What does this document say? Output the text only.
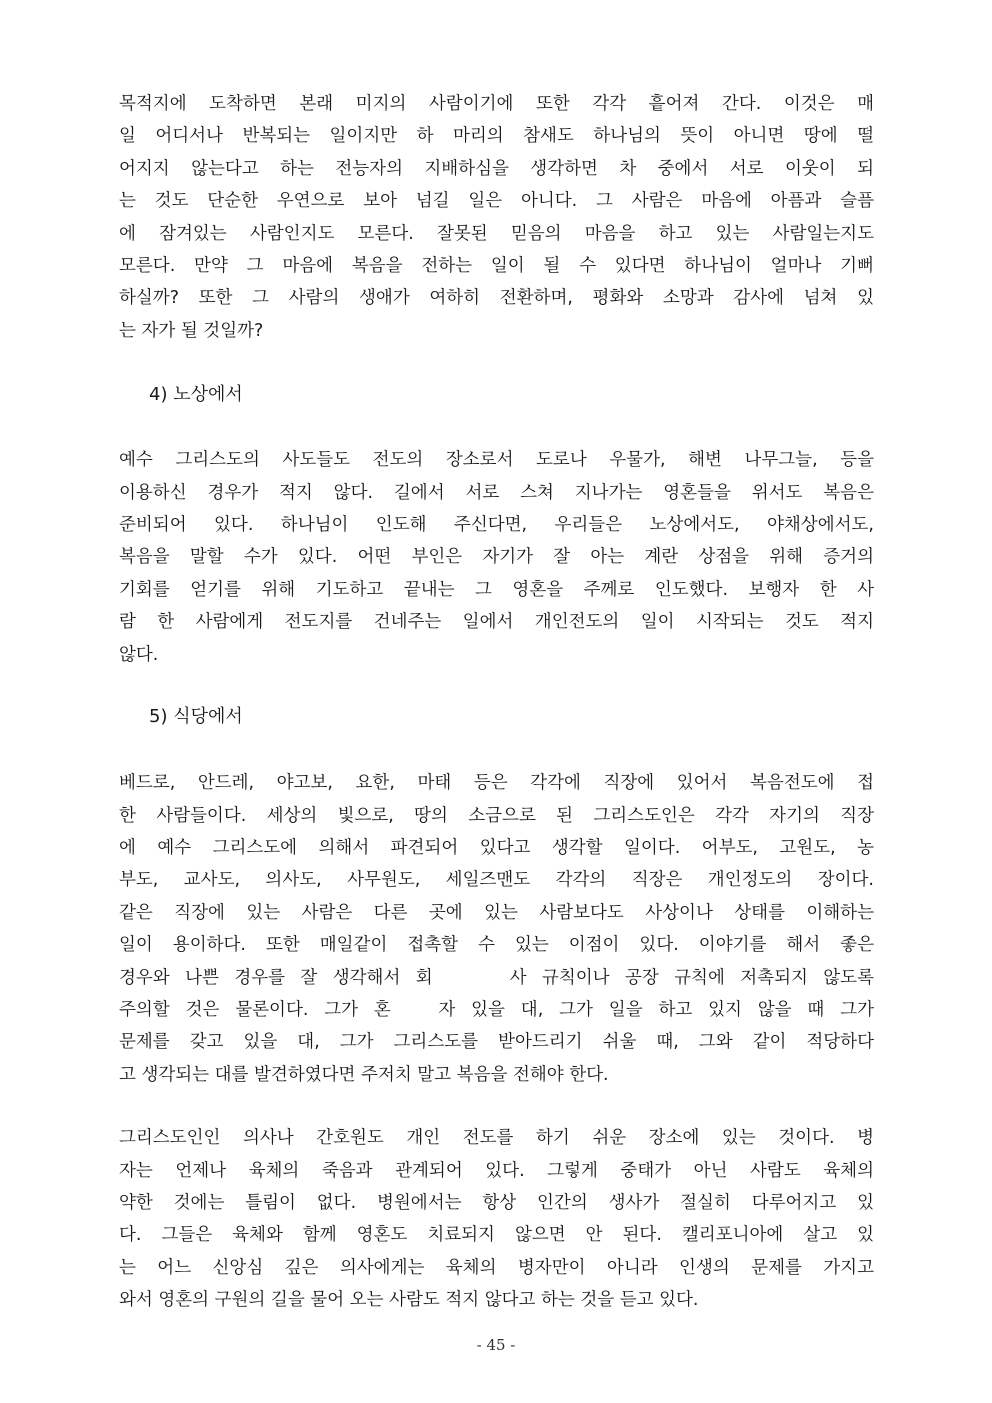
목적지에 도착하면 본래 미지의 사람이기에 또한 각각 흩어져 간다. 이것은 매
일 어디서나 반복되는 일이지만 하 마리의 참새도 하나님의 뜻이 아니면 땅에 떨
어지지 않는다고 하는 전능자의 지배하심을 생각하면 차 중에서 서로 이웃이 되
는 것도 단순한 우연으로 보아 넘길 일은 아니다. 그 사람은 마음에 아픔과 슬픔
에 잠겨있는 사람인지도 모른다. 잘못된 믿음의 마음을 하고 있는 사람일는지도
모른다. 만약 그 마음에 복음을 전하는 일이 될 수 있다면 하나님이 얼마나 기뻐
하실까? 또한 그 사람의 생애가 여하히 전환하며, 평화와 소망과 감사에 넘쳐 있
는 자가 될 것일까?
4) 노상에서
예수 그리스도의 사도들도 전도의 장소로서 도로나 우물가, 해변 나무그늘, 등을
이용하신 경우가 적지 않다. 길에서 서로 스쳐 지나가는 영혼들을 위서도 복음은
준비되어 있다. 하나님이 인도해 주신다면, 우리들은 노상에서도, 야채상에서도,
복음을 말할 수가 있다. 어떤 부인은 자기가 잘 아는 계란 상점을 위해 증거의
기회를 얻기를 위해 기도하고 끝내는 그 영혼을 주께로 인도했다. 보행자 한 사
람 한 사람에게 전도지를 건네주는 일에서 개인전도의 일이 시작되는 것도 적지
않다.
5) 식당에서
베드로, 안드레, 야고보, 요한, 마태 등은 각각에 직장에 있어서 복음전도에 접
한 사람들이다. 세상의 빛으로, 땅의 소금으로 된 그리스도인은 각각 자기의 직장
에 예수 그리스도에 의해서 파견되어 있다고 생각할 일이다. 어부도, 고원도, 농
부도, 교사도, 의사도, 사무원도, 세일즈맨도 각각의 직장은 개인정도의 장이다.
같은 직장에 있는 사람은 다른 곳에 있는 사람보다도 사상이나 상태를 이해하는
일이 용이하다. 또한 매일같이 접촉할 수 있는 이점이 있다. 이야기를 해서 좋은
경우와 나쁜 경우를 잘 생각해서 회     사 규칙이나 공장 규칙에 저촉되지 않도록
주의할 것은 물론이다. 그가 혼   자 있을 대, 그가 일을 하고 있지 않을 때 그가
문제를 갖고 있을 대, 그가 그리스도를 받아드리기 쉬울 때, 그와 같이 적당하다
고 생각되는 대를 발견하였다면 주저치 말고 복음을 전해야 한다.
그리스도인인 의사나 간호원도 개인 전도를 하기 쉬운 장소에 있는 것이다. 병
자는 언제나 육체의 죽음과 관계되어 있다. 그렇게 중태가 아닌 사람도 육체의
약한 것에는 틀림이 없다. 병원에서는 항상 인간의 생사가 절실히 다루어지고 있
다. 그들은 육체와 함께 영혼도 치료되지 않으면 안 된다. 캘리포니아에 살고 있
는 어느 신앙심 깊은 의사에게는 육체의 병자만이 아니라 인생의 문제를 가지고
와서 영혼의 구원의 길을 물어 오는 사람도 적지 않다고 하는 것을 듣고 있다.
- 45 -
